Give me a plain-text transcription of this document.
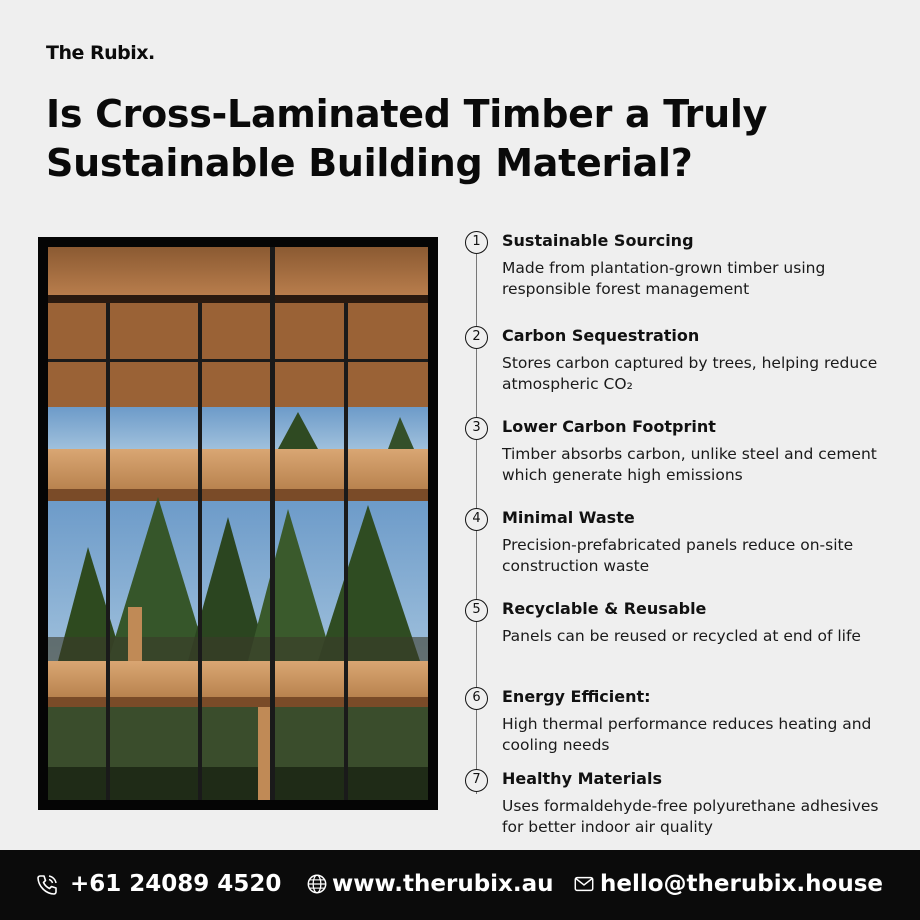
The Rubix.
Is Cross-Laminated Timber a Truly
Sustainable Building Material?
1	Sustainable Sourcing
Made from plantation-grown timber using responsible forest management
2	Carbon Sequestration
Stores carbon captured by trees, helping reduce atmospheric CO₂
3	Lower Carbon Footprint
Timber absorbs carbon, unlike steel and cement which generate high emissions
4	Minimal Waste
Precision-prefabricated panels reduce on-site construction waste
5	Recyclable & Reusable
Panels can be reused or recycled at end of life
6	Energy Efficient:
High thermal performance reduces heating and cooling needs
7	Healthy Materials
Uses formaldehyde-free polyurethane adhesives for better indoor air quality
+61 24089 4520 www.therubix.au hello@therubix.house
